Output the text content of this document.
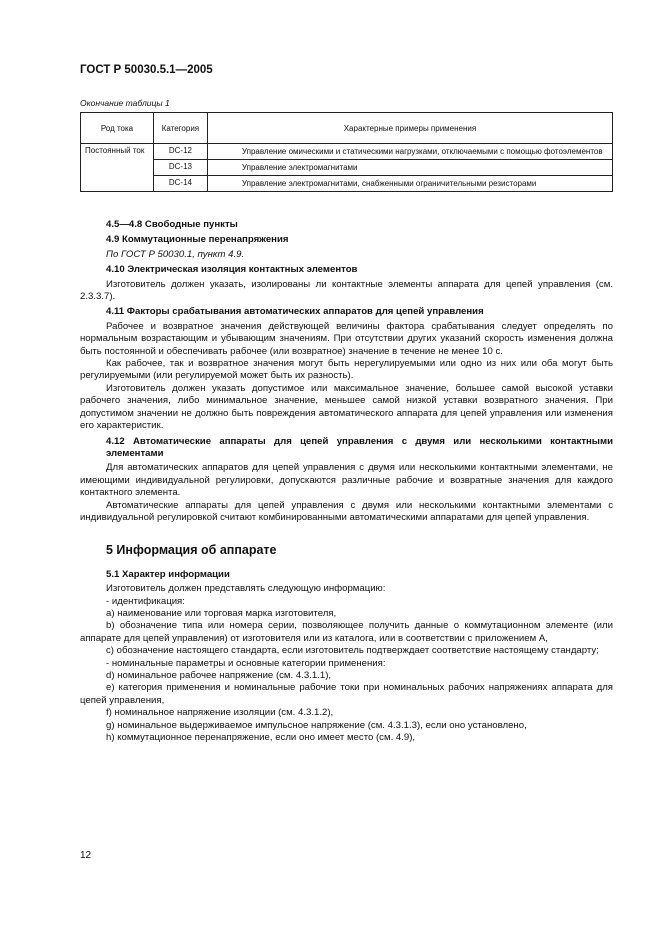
ГОСТ Р 50030.5.1—2005
Окончание таблицы 1
Род тока	Категория	Характерные примеры применения
Постоянный ток	DC-12	Управление омическими и статическими нагрузками, отключаемыми с помощью фотоэлементов
	DC-13	Управление электромагнитами
	DC-14	Управление электромагнитами, снабженными ограничительными резисторами

4.5—4.8 Свободные пункты

4.9 Коммутационные перенапряжения

По ГОСТ Р 50030.1, пункт 4.9.

4.10 Электрическая изоляция контактных элементов

Изготовитель должен указать, изолированы ли контактные элементы аппарата для цепей управления (см. 2.3.3.7).

4.11 Факторы срабатывания автоматических аппаратов для цепей управления

Рабочее и возвратное значения действующей величины фактора срабатывания следует определять по нормальным возрастающим и убывающим значениям. При отсутствии других указаний скорость изменения должна быть постоянной и обеспечивать рабочее (или возвратное) значение в течение не менее 10 с.

Как рабочее, так и возвратное значения могут быть нерегулируемыми или одно из них или оба могут быть регулируемыми (или регулируемой может быть их разность).

Изготовитель должен указать допустимое или максимальное значение, большее самой высокой уставки рабочего значения, либо минимальное значение, меньшее самой низкой уставки возвратного значения. При допустимом значении не должно быть повреждения автоматического аппарата для цепей управления или изменения его характеристик.

4.12 Автоматические аппараты для цепей управления с двумя или несколькими контактными элементами

Для автоматических аппаратов для цепей управления с двумя или несколькими контактными элементами, не имеющими индивидуальной регулировки, допускаются различные рабочие и возвратные значения для каждого контактного элемента.

Автоматические аппараты для цепей управления с двумя или несколькими контактными элементами с индивидуальной регулировкой считают комбинированными автоматическими аппаратами для цепей управления.

5 Информация об аппарате

5.1 Характер информации

Изготовитель должен представлять следующую информацию:

- идентификация:

a) наименование или торговая марка изготовителя,

b) обозначение типа или номера серии, позволяющее получить данные о коммутационном элементе (или аппарате для цепей управления) от изготовителя или из каталога, или в соответствии с приложением А,

c) обозначение настоящего стандарта, если изготовитель подтверждает соответствие настоящему стандарту;

- номинальные параметры и основные категории применения:

d) номинальное рабочее напряжение (см. 4.3.1.1),

e) категория применения и номинальные рабочие токи при номинальных рабочих напряжениях аппарата для цепей управления,

f) номинальное напряжение изоляции (см. 4.3.1.2),

g) номинальное выдерживаемое импульсное напряжение (см. 4.3.1.3), если оно установлено,

h) коммутационное перенапряжение, если оно имеет место (см. 4.9),

12
